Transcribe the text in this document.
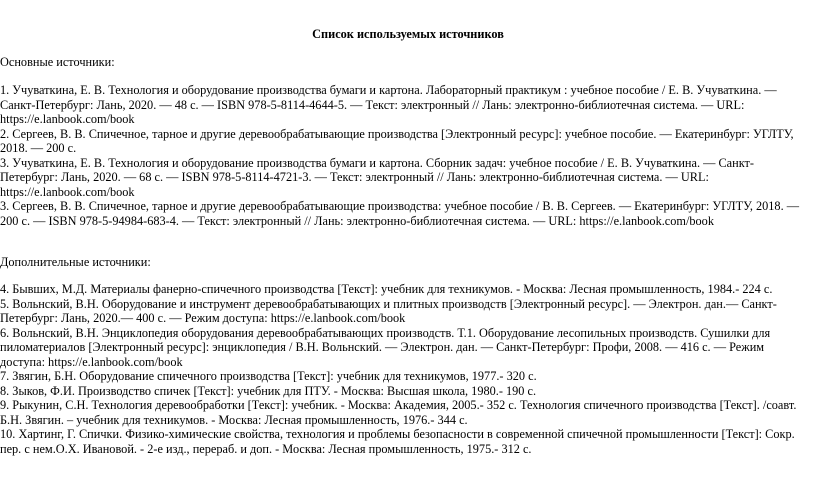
Список используемых источников
Основные источники:

1. Учуваткина, Е. В. Технология и оборудование производства бумаги и картона. Лабораторный практикум : учебное пособие / Е. В. Учуваткина. — Санкт-Петербург: Лань, 2020. — 48 с. — ISBN 978-5-8114-4644-5. — Текст: электронный // Лань: электронно-библиотечная система. — URL: https://e.lanbook.com/book

2. Сергеев, В. В. Спичечное, тарное и другие деревообрабатывающие производства [Электронный ресурс]: учебное пособие. — Екатеринбург: УГЛТУ, 2018. — 200 с.

3. Учуваткина, Е. В. Технология и оборудование производства бумаги и картона. Сборник задач: учебное пособие / Е. В. Учуваткина. — Санкт-Петербург: Лань, 2020. — 68 с. — ISBN 978-5-8114-4721-3. — Текст: электронный // Лань: электронно-библиотечная система. — URL: https://e.lanbook.com/book

3. Сергеев, В. В. Спичечное, тарное и другие деревообрабатывающие производства: учебное пособие / В. В. Сергеев. — Екатеринбург: УГЛТУ, 2018. — 200 с. — ISBN 978-5-94984-683-4. — Текст: электронный // Лань: электронно-библиотечная система. — URL: https://e.lanbook.com/book

Дополнительные источники:

4. Бывших, М.Д. Материалы фанерно-спичечного производства [Текст]: учебник для техникумов. - Москва: Лесная промышленность, 1984.- 224 с.

5. Вольнский, В.Н. Оборудование и инструмент деревообрабатывающих и плитных производств [Электронный ресурс]. — Электрон. дан.— Санкт-Петербург: Лань, 2020.— 400 с. — Режим доступа: https://e.lanbook.com/book

6. Вольнский, В.Н. Энциклопедия оборудования деревообрабатывающих производств. Т.1. Оборудование лесопильных производств. Сушилки для пиломатериалов [Электронный ресурс]: энциклопедия / В.Н. Вольнский. — Электрон. дан. — Санкт-Петербург: Профи, 2008. — 416 с. — Режим доступа: https://e.lanbook.com/book

7. Звягин, Б.Н. Оборудование спичечного производства [Текст]: учебник для техникумов, 1977.- 320 с.

8. Зыков, Ф.И. Производство спичек [Текст]: учебник для ПТУ. - Москва: Высшая школа, 1980.- 190 с.

9. Рыкунин, С.Н. Технология деревообработки [Текст]: учебник. - Москва: Академия, 2005.- 352 с. Технология спичечного производства [Текст]. /соавт. Б.Н. Звягин. – учебник для техникумов. - Москва: Лесная промышленность, 1976.- 344 с.

10. Хартинг, Г. Спички. Физико-химические свойства, технология и проблемы безопасности в современной спичечной промышленности [Текст]: Сокр. пер. с нем.О.Х. Ивановой. - 2-е изд., перераб. и доп. - Москва: Лесная промышленность, 1975.- 312 с.
